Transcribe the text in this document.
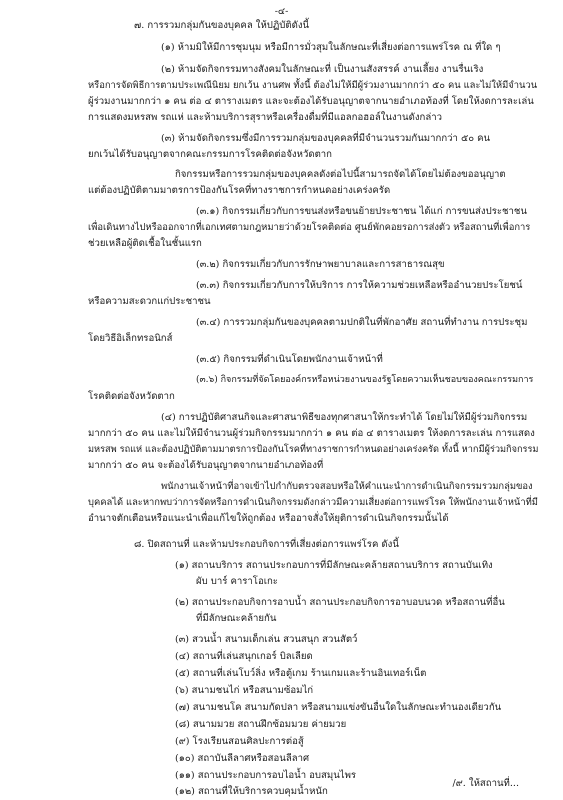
-๔-
๗. การรวมกลุ่มกันของบุคคล ให้ปฏิบัติดังนี้
(๑) ห้ามมิให้มีการชุมนุม หรือมีการมั่วสุมในลักษณะที่เสี่ยงต่อการแพร่โรค ณ ที่ใด ๆ
(๒) ห้ามจัดกิจกรรมทางสังคมในลักษณะที่ เป็นงานสังสรรค์ งานเลี้ยง งานรื่นเริง
หรือการจัดพิธีการตามประเพณีนิยม ยกเว้น งานศพ ทั้งนี้ ต้องไม่ให้มีผู้ร่วมงานมากกว่า ๕๐ คน และไม่ให้มีจำนวน
ผู้ร่วมงานมากกว่า ๑ คน ต่อ ๔ ตารางเมตร และจะต้องได้รับอนุญาตจากนายอำเภอท้องที่ โดยให้งดการละเล่น
การแสดงมหรสพ รถแห่ และห้ามบริการสุราหรือเครื่องดื่มที่มีแอลกอฮอล์ในงานดังกล่าว
(๓) ห้ามจัดกิจกรรมซึ่งมีการรวมกลุ่มของบุคคลที่มีจำนวนรวมกันมากกว่า ๕๐ คน
ยกเว้นได้รับอนุญาตจากคณะกรรมการโรคติดต่อจังหวัดตาก
กิจกรรมหรือการรวมกลุ่มของบุคคลดังต่อไปนี้สามารถจัดได้โดยไม่ต้องขออนุญาต
แต่ต้องปฏิบัติตามมาตรการป้องกันโรคที่ทางราชการกำหนดอย่างเคร่งครัด
(๓.๑) กิจกรรมเกี่ยวกับการขนส่งหรือขนย้ายประชาชน ได้แก่ การขนส่งประชาชน
เพื่อเดินทางไปหรือออกจากที่เอกเทศตามกฎหมายว่าด้วยโรคติดต่อ ศูนย์พักคอยรอการส่งตัว หรือสถานที่เพื่อการ
ช่วยเหลือผู้ติดเชื้อในชั้นแรก
(๓.๒) กิจกรรมเกี่ยวกับการรักษาพยาบาลและการสาธารณสุข
(๓.๓) กิจกรรมเกี่ยวกับการให้บริการ การให้ความช่วยเหลือหรืออำนวยประโยชน์
หรือความสะดวกแก่ประชาชน
(๓.๔) การรวมกลุ่มกันของบุคคลตามปกติในที่พักอาศัย สถานที่ทำงาน การประชุม
โดยวิธีอิเล็กทรอนิกส์
(๓.๕) กิจกรรมที่ดำเนินโดยพนักงานเจ้าหน้าที่
(๓.๖) กิจกรรมที่จัดโดยองค์กรหรือหน่วยงานของรัฐโดยความเห็นชอบของคณะกรรมการ
โรคติดต่อจังหวัดตาก
(๔) การปฏิบัติศาสนกิจและศาสนาพิธีของทุกศาสนาให้กระทำได้ โดยไม่ให้มีผู้ร่วมกิจกรรม
มากกว่า ๕๐ คน และไม่ให้มีจำนวนผู้ร่วมกิจกรรมมากกว่า ๑ คน ต่อ ๔ ตารางเมตร ให้งดการละเล่น การแสดง
มหรสพ รถแห่ และต้องปฏิบัติตามมาตรการป้องกันโรคที่ทางราชการกำหนดอย่างเคร่งครัด ทั้งนี้ หากมีผู้ร่วมกิจกรรม
มากกว่า ๕๐ คน จะต้องได้รับอนุญาตจากนายอำเภอท้องที่
พนักงานเจ้าหน้าที่อาจเข้าไปกำกับตรวจสอบหรือให้คำแนะนำการดำเนินกิจกรรมรวมกลุ่มของ
บุคคลได้ และหากพบว่าการจัดหรือการดำเนินกิจกรรมดังกล่าวมีความเสี่ยงต่อการแพร่โรค ให้พนักงานเจ้าหน้าที่มี
อำนาจตักเตือนหรือแนะนำเพื่อแก้ไขให้ถูกต้อง หรืออาจสั่งให้ยุติการดำเนินกิจกรรมนั้นได้
๘. ปิดสถานที่ และห้ามประกอบกิจการที่เสี่ยงต่อการแพร่โรค ดังนี้
(๑) สถานบริการ สถานประกอบการที่มีลักษณะคล้ายสถานบริการ สถานบันเทิง
ผับ บาร์ คาราโอเกะ
(๒) สถานประกอบกิจการอาบน้ำ สถานประกอบกิจการอาบอบนวด หรือสถานที่อื่น
ที่มีลักษณะคล้ายกัน
(๓) สวนน้ำ สนามเด็กเล่น สวนสนุก สวนสัตว์
(๔) สถานที่เล่นสนุกเกอร์ บิลเลียด
(๕) สถานที่เล่นโบว์ลิ่ง หรือตู้เกม ร้านเกมและร้านอินเทอร์เน็ต
(๖) สนามชนไก่ หรือสนามซ้อมไก่
(๗) สนามชนโค สนามกัดปลา หรือสนามแข่งขันอื่นใดในลักษณะทำนองเดียวกัน
(๘) สนามมวย สถานฝึกซ้อมมวย ค่ายมวย
(๙) โรงเรียนสอนศิลปะการต่อสู้
(๑๐) สถาบันลีลาศหรือสอนลีลาศ
(๑๑) สถานประกอบการอบไอน้ำ อบสมุนไพร
(๑๒) สถานที่ให้บริการควบคุมน้ำหนัก
/๙. ให้สถานที่...
